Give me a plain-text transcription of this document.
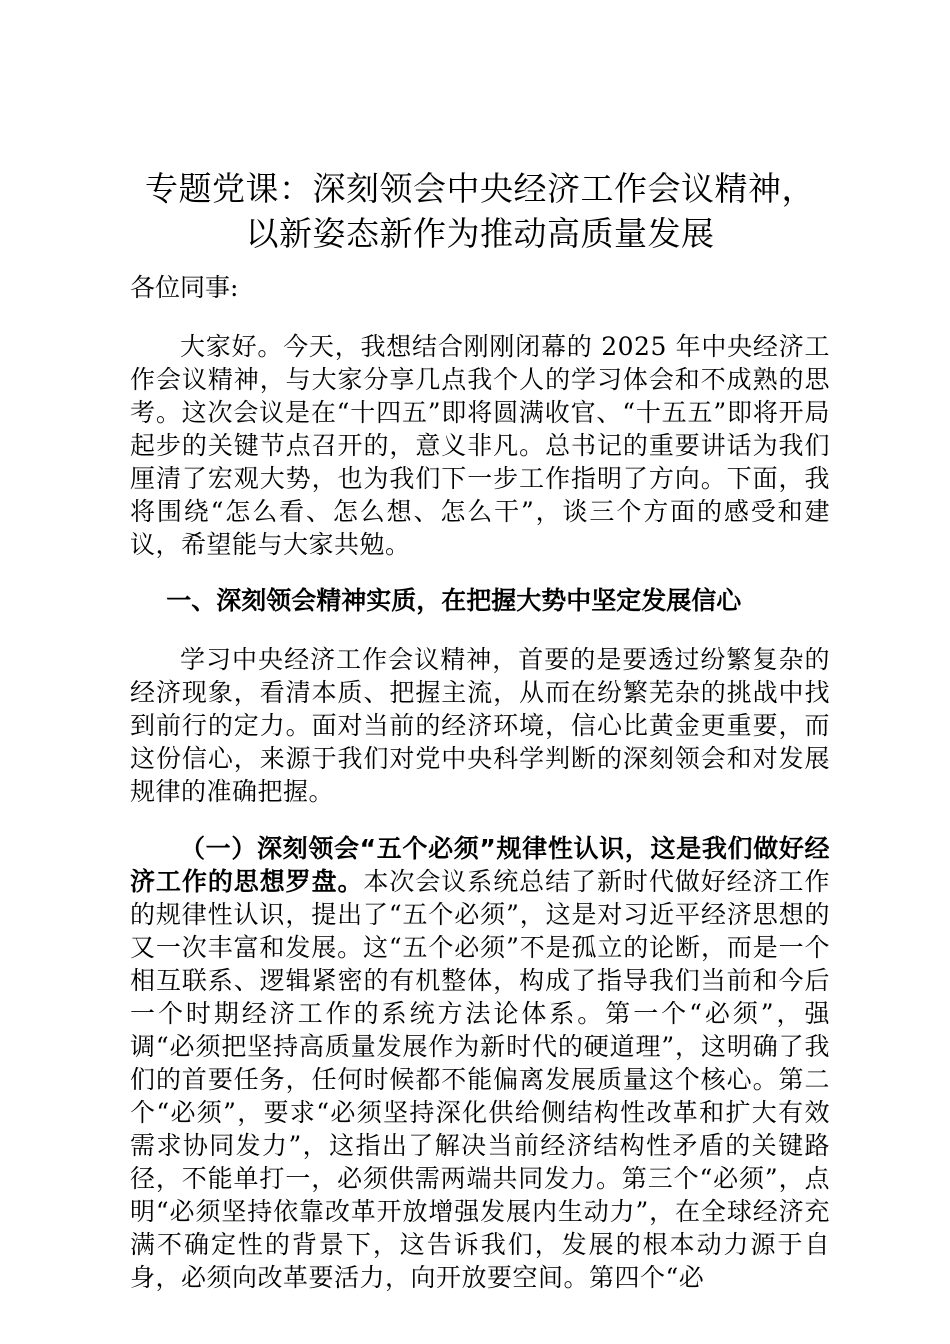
专题党课：深刻领会中央经济工作会议精神，
以新姿态新作为推动高质量发展

各位同事:

大家好。今天，我想结合刚刚闭幕的 2025 年中央经济工作会议精神，与大家分享几点我个人的学习体会和不成熟的思考。这次会议是在“十四五”即将圆满收官、“十五五”即将开局起步的关键节点召开的，意义非凡。总书记的重要讲话为我们厘清了宏观大势，也为我们下一步工作指明了方向。下面，我将围绕“怎么看、怎么想、怎么干”，谈三个方面的感受和建议，希望能与大家共勉。

一、深刻领会精神实质，在把握大势中坚定发展信心

学习中央经济工作会议精神，首要的是要透过纷繁复杂的经济现象，看清本质、把握主流，从而在纷繁芜杂的挑战中找到前行的定力。面对当前的经济环境，信心比黄金更重要，而这份信心，来源于我们对党中央科学判断的深刻领会和对发展规律的准确把握。

（一）深刻领会“五个必须”规律性认识，这是我们做好经济工作的思想罗盘。本次会议系统总结了新时代做好经济工作的规律性认识，提出了“五个必须”，这是对习近平经济思想的又一次丰富和发展。这“五个必须”不是孤立的论断，而是一个相互联系、逻辑紧密的有机整体，构成了指导我们当前和今后一个时期经济工作的系统方法论体系。第一个“必须”，强调“必须把坚持高质量发展作为新时代的硬道理”，这明确了我们的首要任务，任何时候都不能偏离发展质量这个核心。第二个“必须”，要求“必须坚持深化供给侧结构性改革和扩大有效需求协同发力”，这指出了解决当前经济结构性矛盾的关键路径，不能单打一，必须供需两端共同发力。第三个“必须”，点明“必须坚持依靠改革开放增强发展内生动力”，在全球经济充满不确定性的背景下，这告诉我们，发展的根本动力源于自身，必须向改革要活力，向开放要空间。第四个“必
